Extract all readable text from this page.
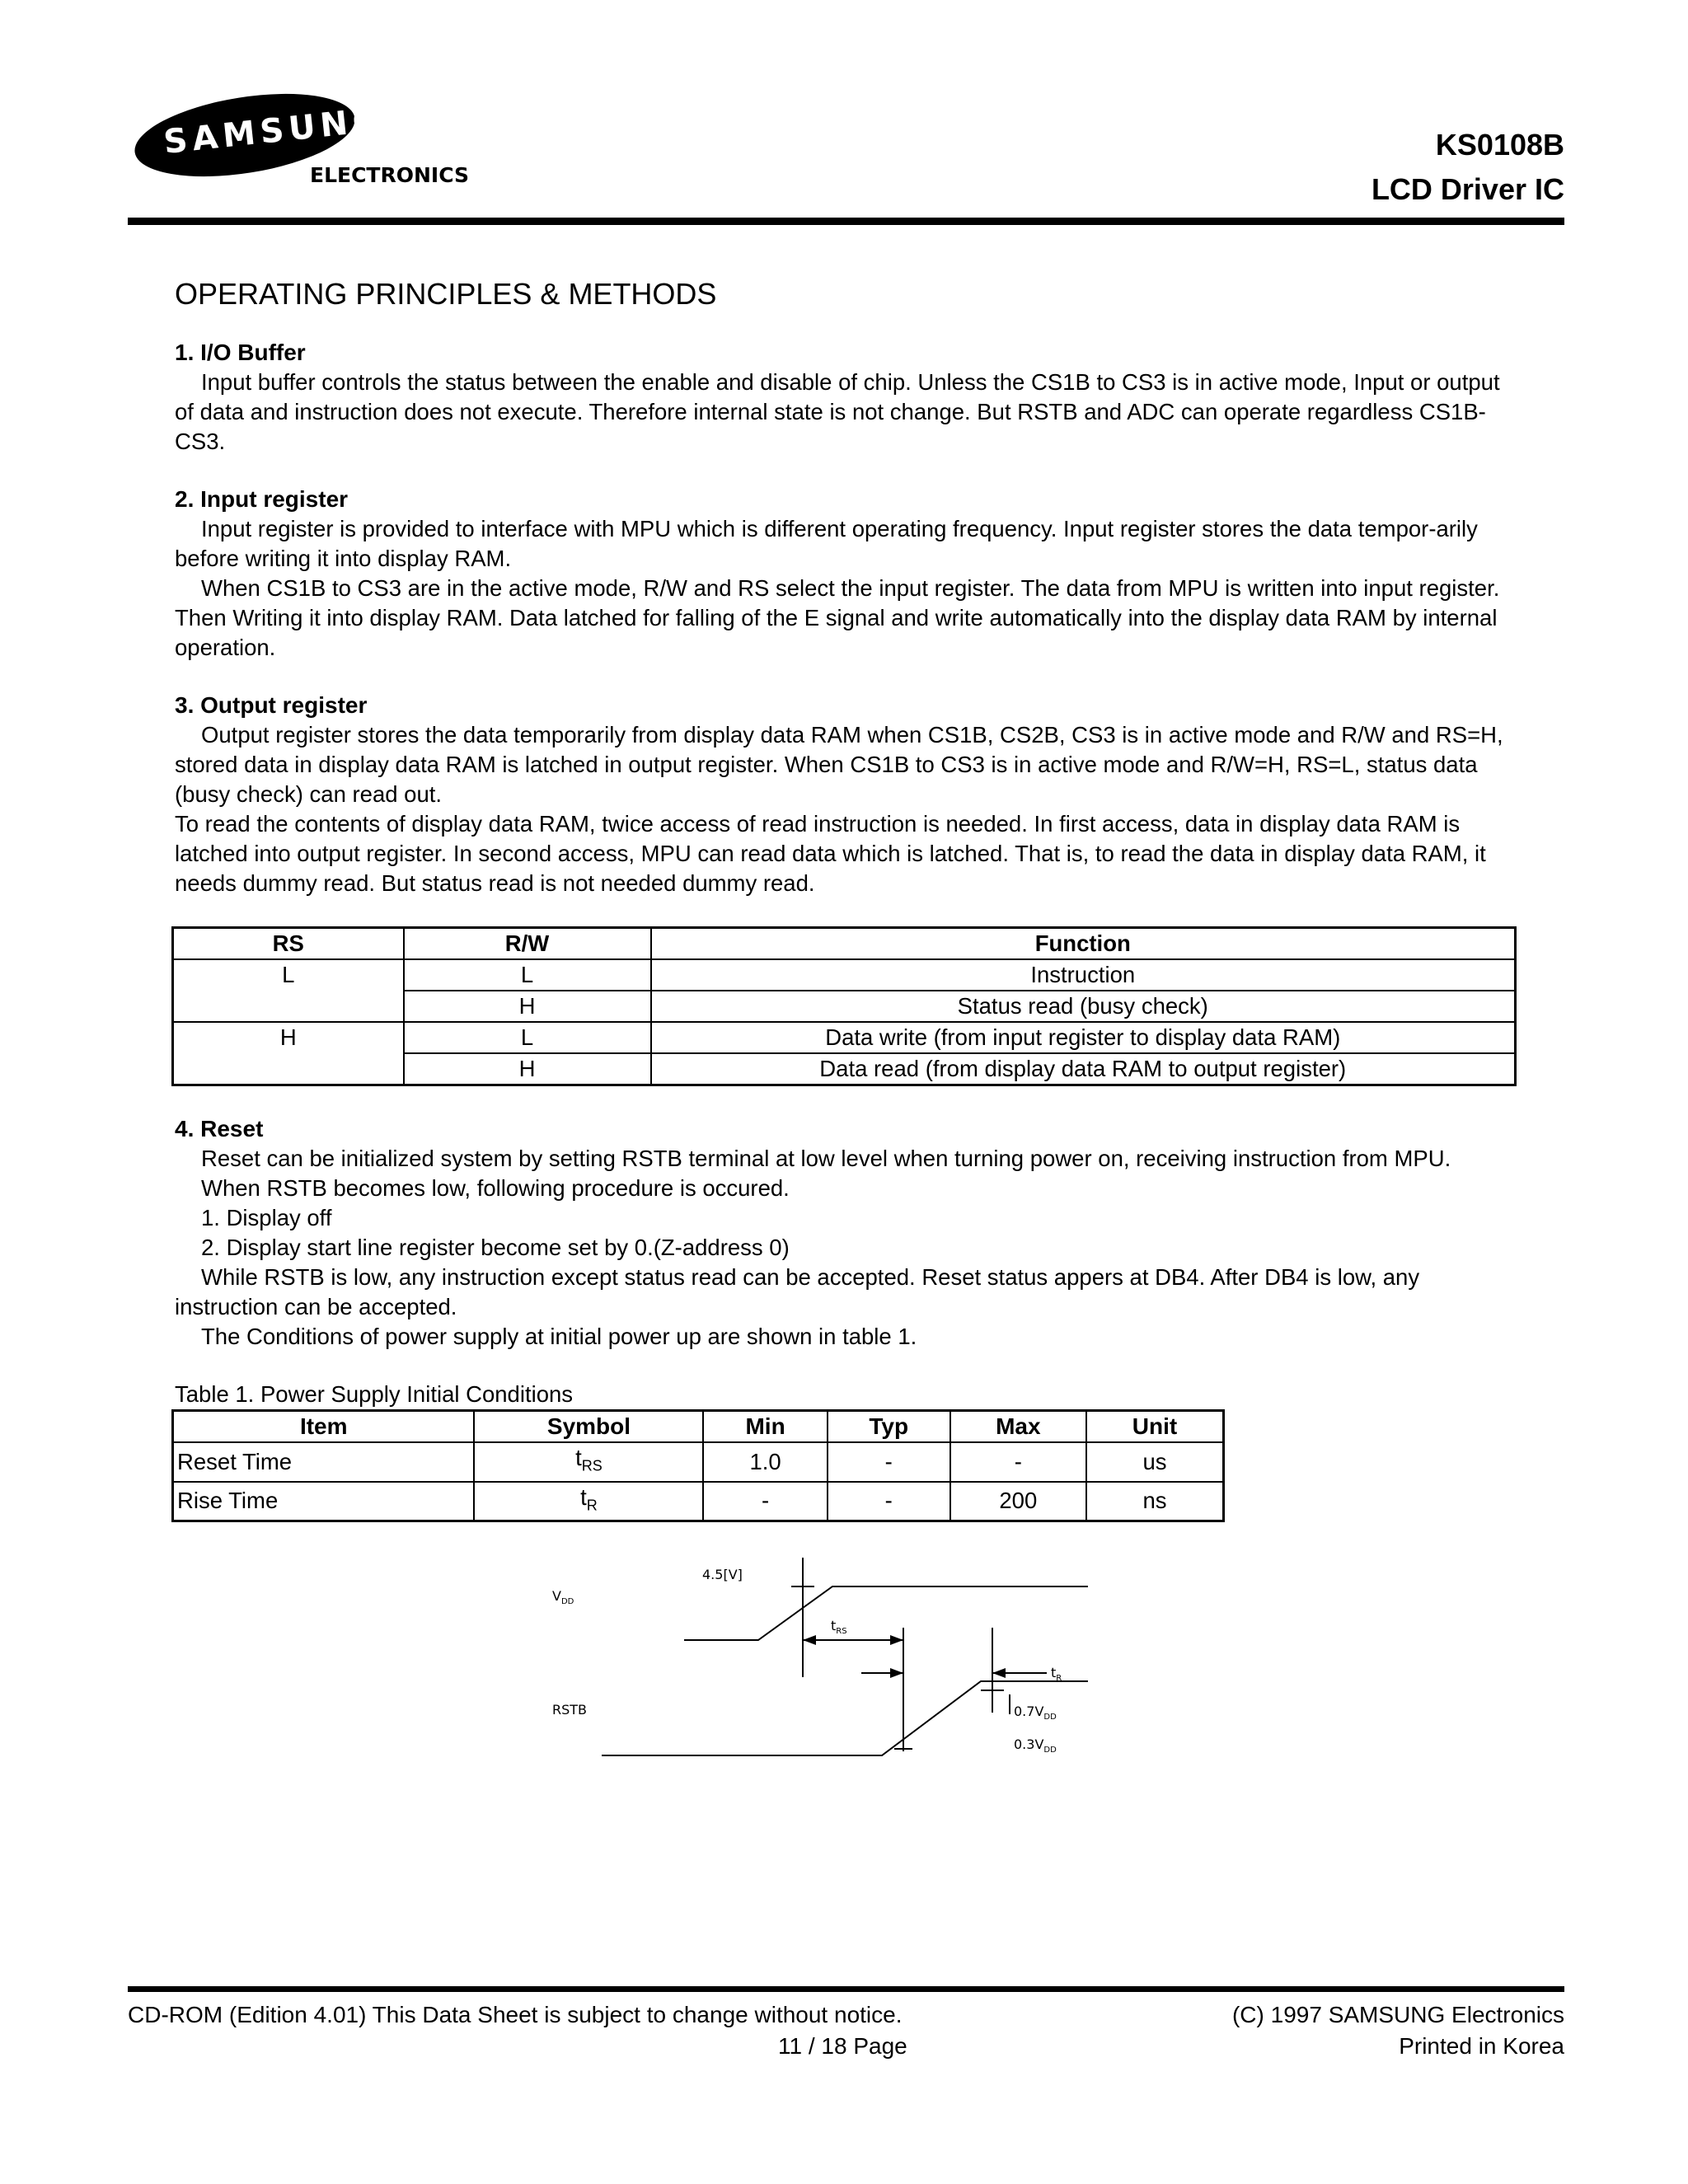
SAMSUNG
ELECTRONICS
KS0108B
LCD Driver IC
OPERATING PRINCIPLES & METHODS
1. I/O Buffer
Input buffer controls the status between the enable and disable of chip. Unless the CS1B to CS3 is in active mode, Input or output of data and instruction does not execute. Therefore internal state is not change. But RSTB and ADC can operate regardless CS1B-CS3.
2. Input register
Input register is provided to interface with MPU which is different operating frequency. Input register stores the data tempor-arily before writing it into display RAM.
When CS1B to CS3 are in the active mode, R/W and RS select the input register. The data from MPU is written into input register. Then Writing it into display RAM. Data latched for falling of the E signal and write automatically into the display data RAM by internal operation.
3. Output register
Output register stores the data temporarily from display data RAM when CS1B, CS2B, CS3 is in active mode and R/W and RS=H, stored data in display data RAM is latched in output register. When CS1B to CS3 is in active mode and R/W=H, RS=L, status data (busy check) can read out.
To read the contents of display data RAM, twice access of read instruction is needed. In first access, data in display data RAM is latched into output register. In second access, MPU can read data which is latched. That is, to read the data in display data RAM, it needs dummy read. But status read is not needed dummy read.
RS	R/W	Function
L	L	Instruction
	H	Status read (busy check)
H	L	Data write (from input register to display data RAM)
	H	Data read (from display data RAM to output register)
4. Reset
Reset can be initialized system by setting RSTB terminal at low level when turning power on, receiving instruction from MPU.
When RSTB becomes low, following procedure is occured.
1. Display off
2. Display start line register become set by 0.(Z-address 0)
While RSTB is low, any instruction except status read can be accepted. Reset status appers at DB4. After DB4 is low, any instruction can be accepted.
The Conditions of power supply at initial power up are shown in table 1.
Table 1. Power Supply Initial Conditions
Item	Symbol	Min	Typ	Max	Unit
Reset Time	$t_{RS}$	1.0	-	-	us
Rise Time	$t_R$	-	-	200	ns
$V_{DD}$
RSTB
4.5[V]
$t_{RS}$
$t_R$
$0.7V_{DD}$
$0.3V_{DD}$
CD-ROM (Edition 4.01) This Data Sheet is subject to change without notice.	(C) 1997 SAMSUNG Electronics
11 / 18 Page	Printed in Korea
